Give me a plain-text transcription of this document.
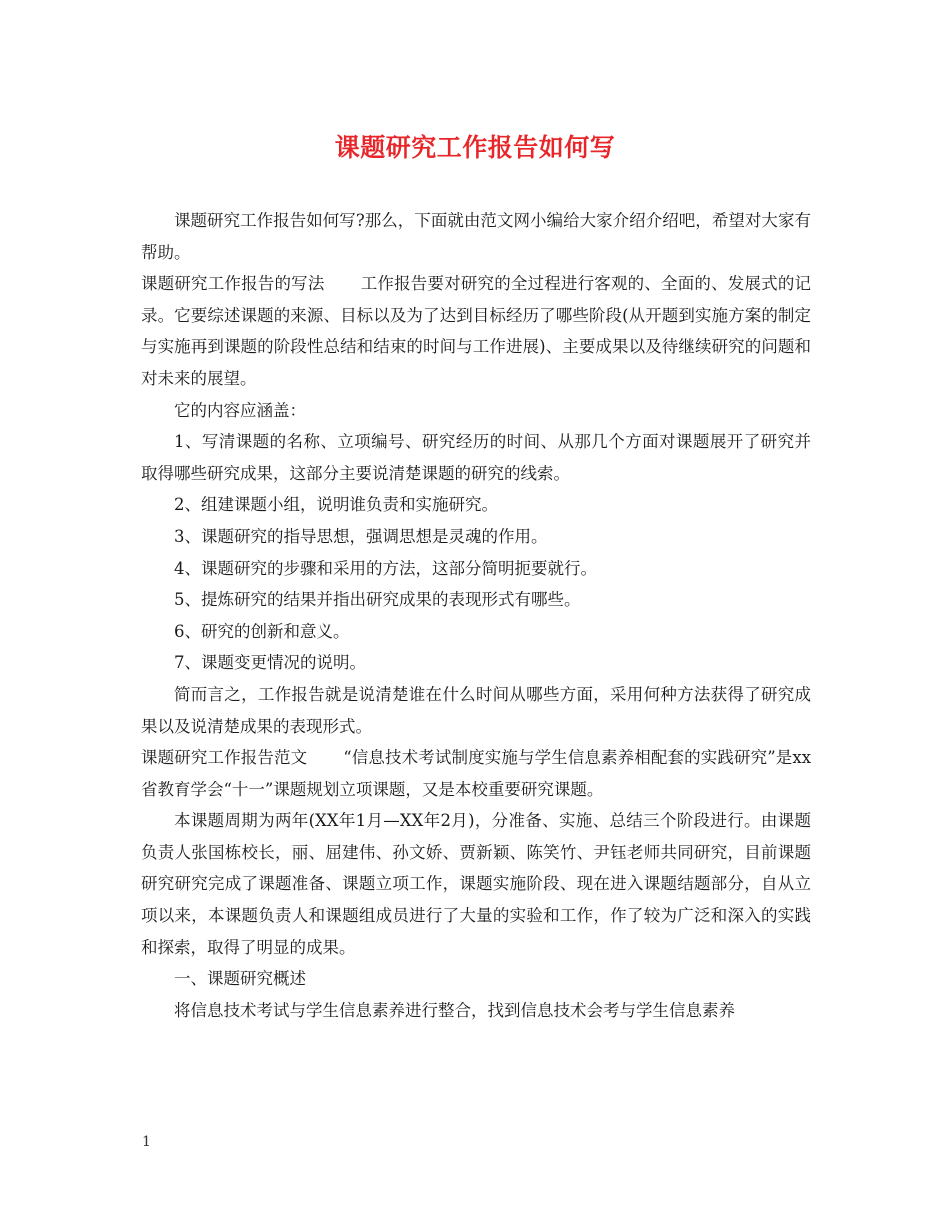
课题研究工作报告如何写

课题研究工作报告如何写?那么，下面就由范文网小编给大家介绍介绍吧，希望对大家有帮助。

课题研究工作报告的写法 工作报告要对研究的全过程进行客观的、全面的、发展式的记录。它要综述课题的来源、目标以及为了达到目标经历了哪些阶段(从开题到实施方案的制定与实施再到课题的阶段性总结和结束的时间与工作进展)、主要成果以及待继续研究的问题和对未来的展望。

它的内容应涵盖：

1、写清课题的名称、立项编号、研究经历的时间、从那几个方面对课题展开了研究并取得哪些研究成果，这部分主要说清楚课题的研究的线索。

2、组建课题小组，说明谁负责和实施研究。

3、课题研究的指导思想，强调思想是灵魂的作用。

4、课题研究的步骤和采用的方法，这部分简明扼要就行。

5、提炼研究的结果并指出研究成果的表现形式有哪些。

6、研究的创新和意义。

7、课题变更情况的说明。

简而言之，工作报告就是说清楚谁在什么时间从哪些方面，采用何种方法获得了研究成果以及说清楚成果的表现形式。

课题研究工作报告范文 “信息技术考试制度实施与学生信息素养相配套的实践研究”是xx省教育学会“十一”课题规划立项课题，又是本校重要研究课题。

本课题周期为两年(XX年1月—XX年2月)，分准备、实施、总结三个阶段进行。由课题负责人张国栋校长，丽、屈建伟、孙文娇、贾新颖、陈笑竹、尹钰老师共同研究，目前课题研究研究完成了课题准备、课题立项工作，课题实施阶段、现在进入课题结题部分，自从立项以来，本课题负责人和课题组成员进行了大量的实验和工作，作了较为广泛和深入的实践和探索，取得了明显的成果。

一、课题研究概述

将信息技术考试与学生信息素养进行整合，找到信息技术会考与学生信息素养

1
